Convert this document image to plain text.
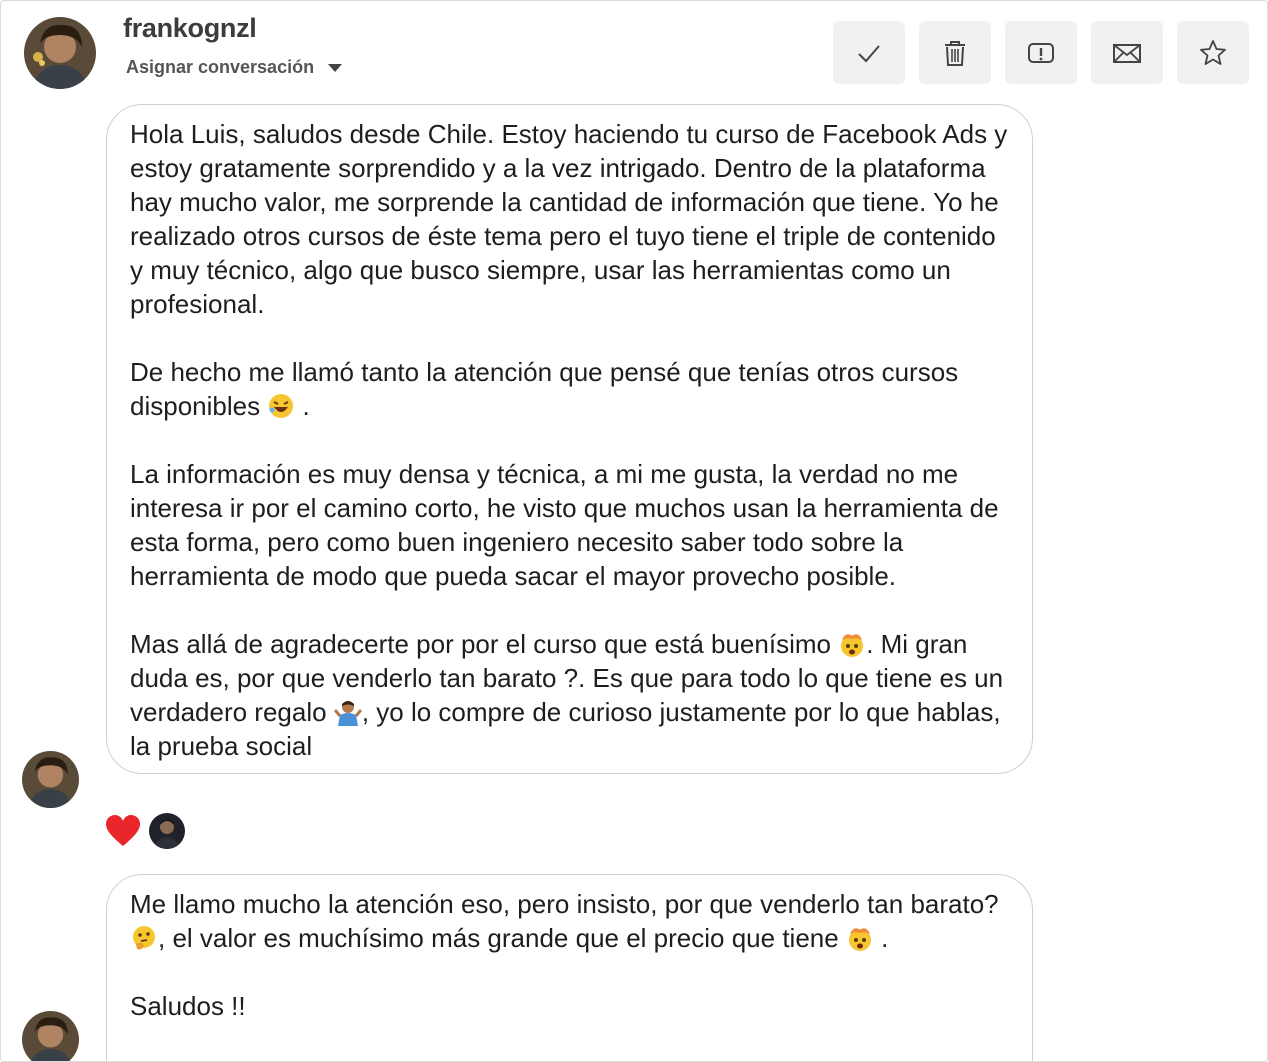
frankognzl
Asignar conversación

Hola Luis, saludos desde Chile. Estoy haciendo tu curso de Facebook Ads y estoy gratamente sorprendido y a la vez intrigado. Dentro de la plataforma hay mucho valor, me sorprende la cantidad de información que tiene. Yo he realizado otros cursos de éste tema pero el tuyo tiene el triple de contenido y muy técnico, algo que busco siempre, usar las herramientas como un profesional.

De hecho me llamó tanto la atención que pensé que tenías otros cursos disponibles  .

La información es muy densa y técnica, a mi me gusta, la verdad no me interesa ir por el camino corto, he visto que muchos usan la herramienta de esta forma, pero como buen ingeniero necesito saber todo sobre la herramienta de modo que pueda sacar el mayor provecho posible.

Mas allá de agradecerte por por el curso que está buenísimo . Mi gran duda es, por que venderlo tan barato ?. Es que para todo lo que tiene es un verdadero regalo , yo lo compre de curioso justamente por lo que hablas, la prueba social

Me llamo mucho la atención eso, pero insisto, por que venderlo tan barato? , el valor es muchísimo más grande que el precio que tiene  .

Saludos !!
